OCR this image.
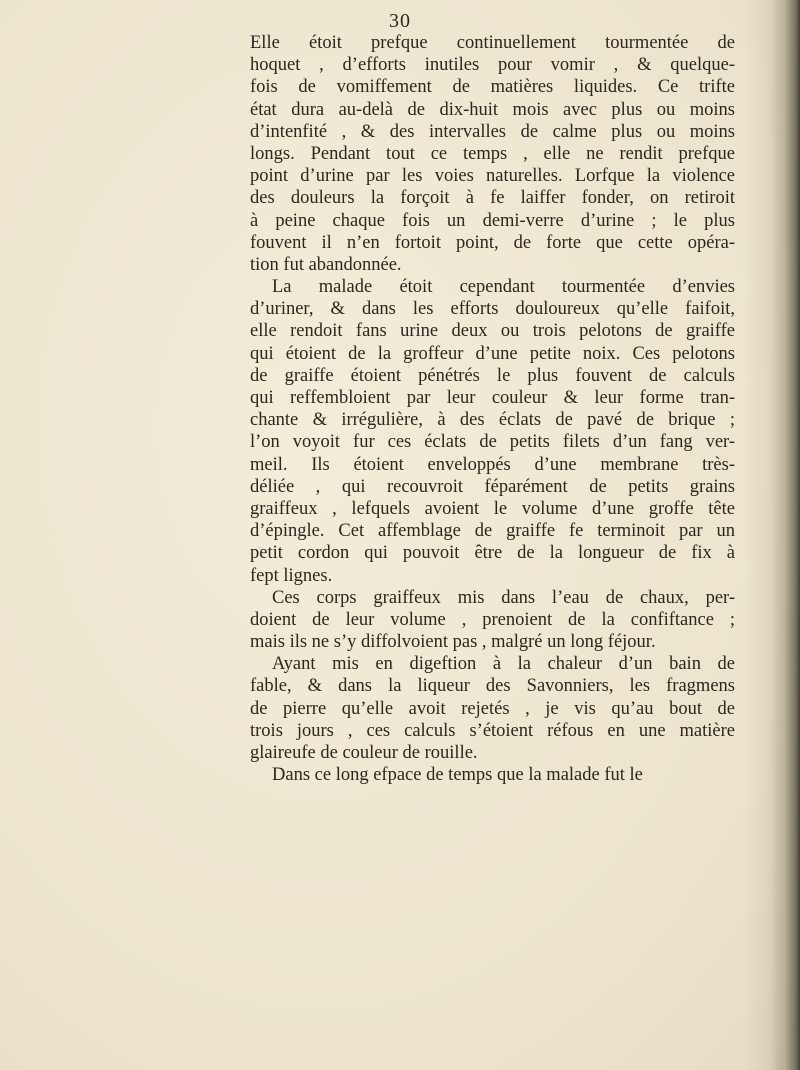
30
Elle étoit prefque continuellement tourmentée de
hoquet , d’efforts inutiles pour vomir , & quelque-
fois de vomiffement de matières liquides. Ce trifte
état dura au-delà de dix-huit mois avec plus ou moins
d’intenfité , & des intervalles de calme plus ou moins
longs. Pendant tout ce temps , elle ne rendit prefque
point d’urine par les voies naturelles. Lorfque la violence
des douleurs la forçoit à fe laiffer fonder, on retiroit
à peine chaque fois un demi-verre d’urine ; le plus
fouvent il n’en fortoit point, de forte que cette opéra-
tion fut abandonnée.
La malade étoit cependant tourmentée d’envies
d’uriner, & dans les efforts douloureux qu’elle faifoit,
elle rendoit fans urine deux ou trois pelotons de graiffe
qui étoient de la groffeur d’une petite noix. Ces pelotons
de graiffe étoient pénétrés le plus fouvent de calculs
qui reffembloient par leur couleur & leur forme tran-
chante & irrégulière, à des éclats de pavé de brique ;
l’on voyoit fur ces éclats de petits filets d’un fang ver-
meil. Ils étoient enveloppés d’une membrane très-
déliée , qui recouvroit féparément de petits grains
graiffeux , lefquels avoient le volume d’une groffe tête
d’épingle. Cet affemblage de graiffe fe terminoit par un
petit cordon qui pouvoit être de la longueur de fix à
fept lignes.
Ces corps graiffeux mis dans l’eau de chaux, per-
doient de leur volume , prenoient de la confiftance ;
mais ils ne s’y diffolvoient pas , malgré un long féjour.
Ayant mis en digeftion à la chaleur d’un bain de
fable, & dans la liqueur des Savonniers, les fragmens
de pierre qu’elle avoit rejetés , je vis qu’au bout de
trois jours , ces calculs s’étoient réfous en une matière
glaireufe de couleur de rouille.
Dans ce long efpace de temps que la malade fut le
